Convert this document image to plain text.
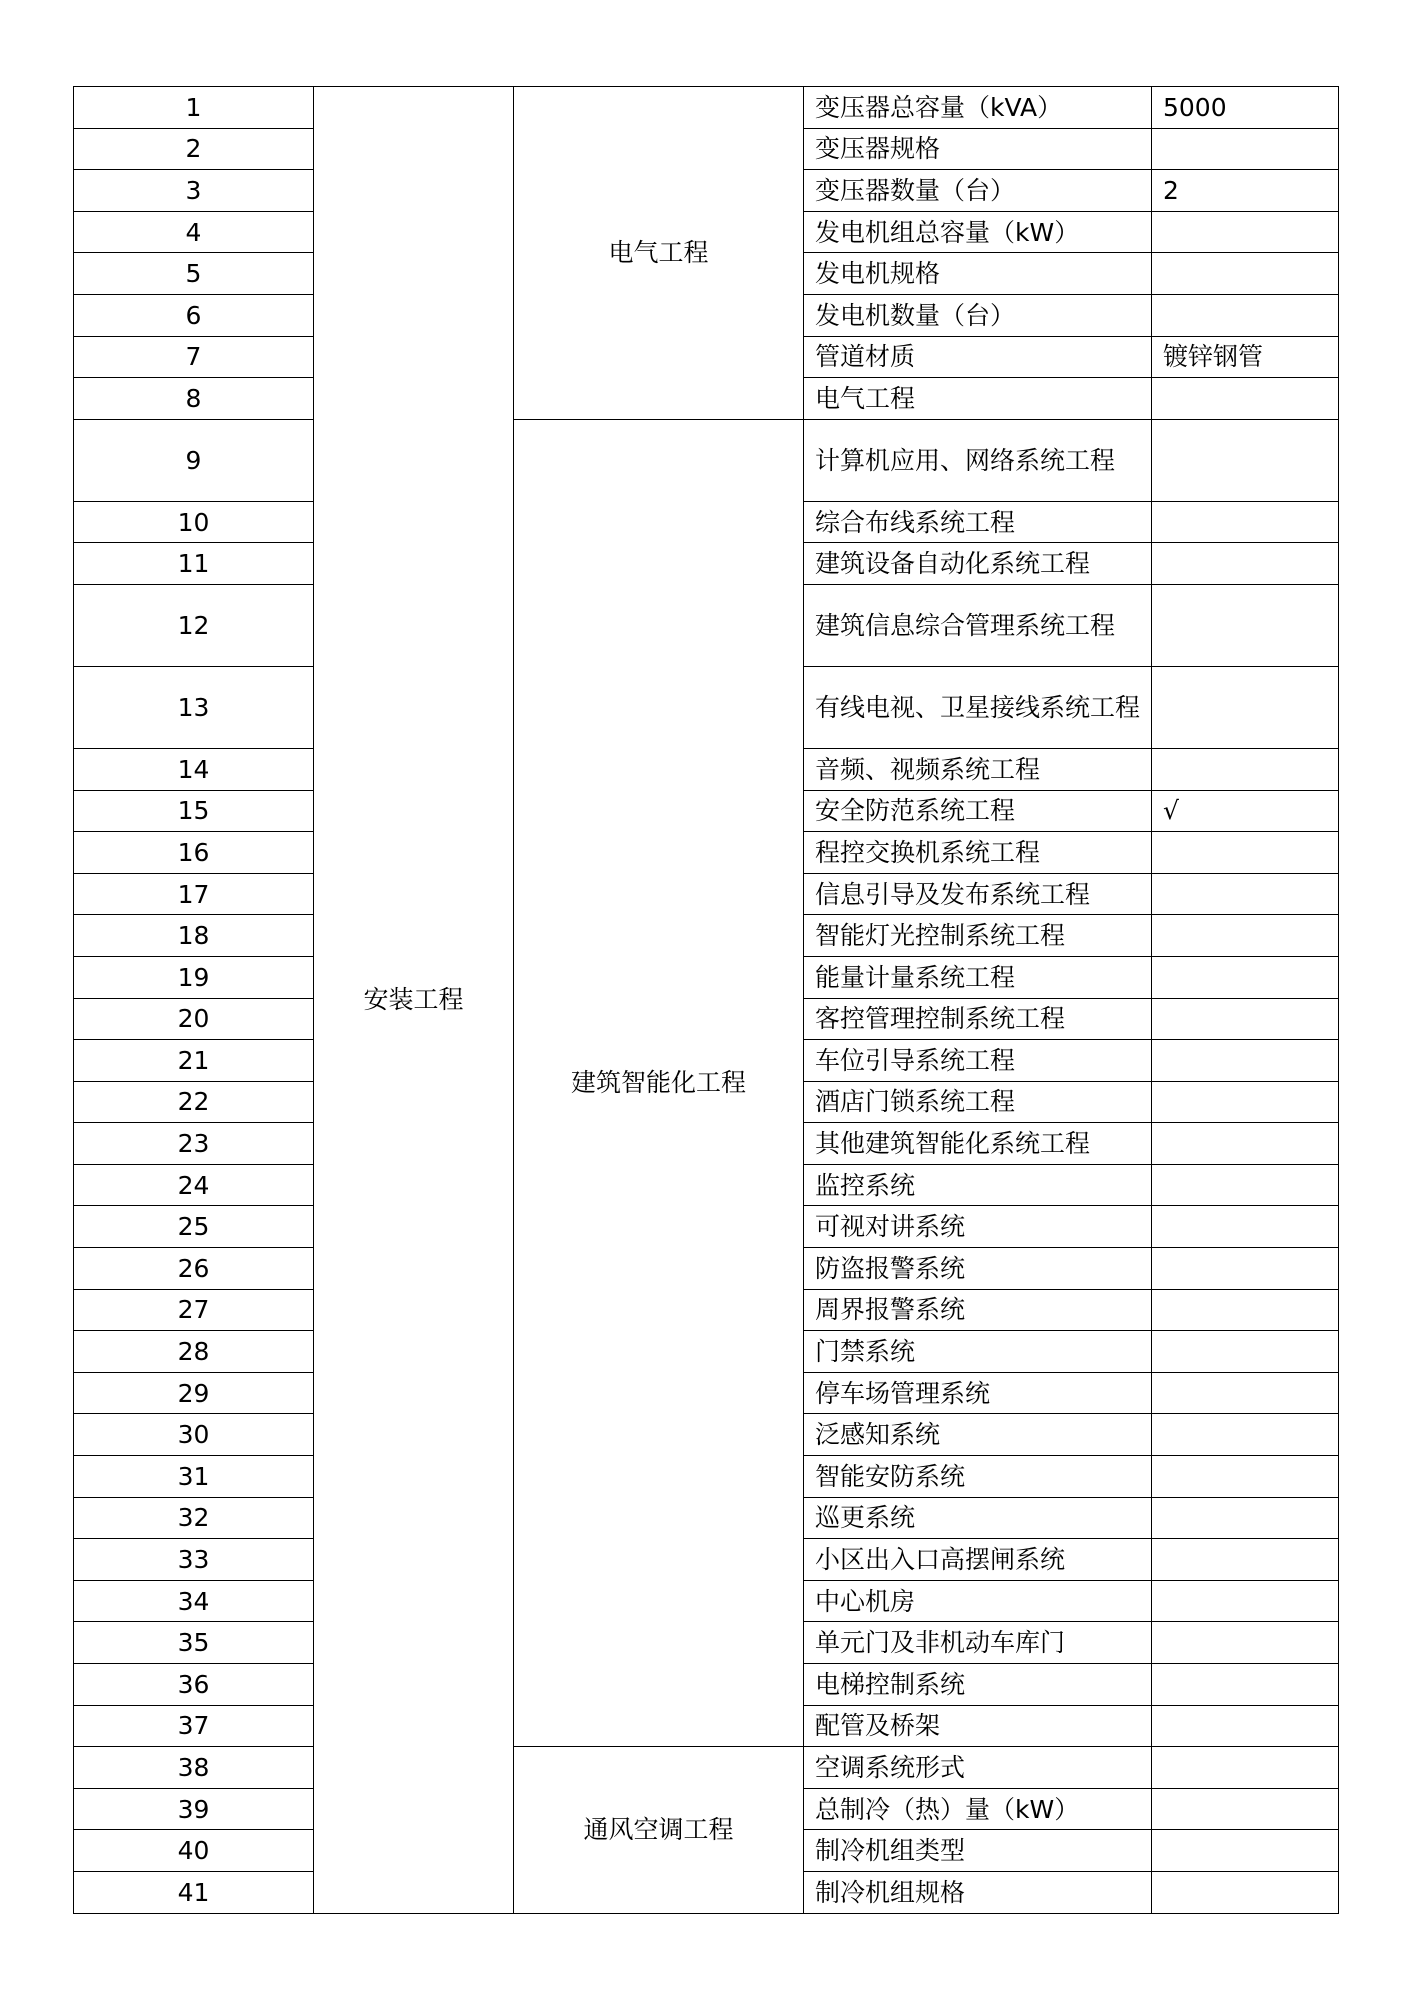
1	安装工程	电气工程	变压器总容量（kVA）	5000
2			变压器规格	
3			变压器数量（台）	2
4			发电机组总容量（kW）	
5			发电机规格	
6			发电机数量（台）	
7			管道材质	镀锌钢管
8			电气工程	
9		建筑智能化工程	计算机应用、网络系统工程	
10			综合布线系统工程	
11			建筑设备自动化系统工程	
12			建筑信息综合管理系统工程	
13			有线电视、卫星接线系统工程	
14			音频、视频系统工程	
15			安全防范系统工程	√
16			程控交换机系统工程	
17			信息引导及发布系统工程	
18			智能灯光控制系统工程	
19			能量计量系统工程	
20			客控管理控制系统工程	
21			车位引导系统工程	
22			酒店门锁系统工程	
23			其他建筑智能化系统工程	
24			监控系统	
25			可视对讲系统	
26			防盗报警系统	
27			周界报警系统	
28			门禁系统	
29			停车场管理系统	
30			泛感知系统	
31			智能安防系统	
32			巡更系统	
33			小区出入口高摆闸系统	
34			中心机房	
35			单元门及非机动车库门	
36			电梯控制系统	
37			配管及桥架	
38		通风空调工程	空调系统形式	
39			总制冷（热）量（kW）	
40			制冷机组类型	
41			制冷机组规格	
